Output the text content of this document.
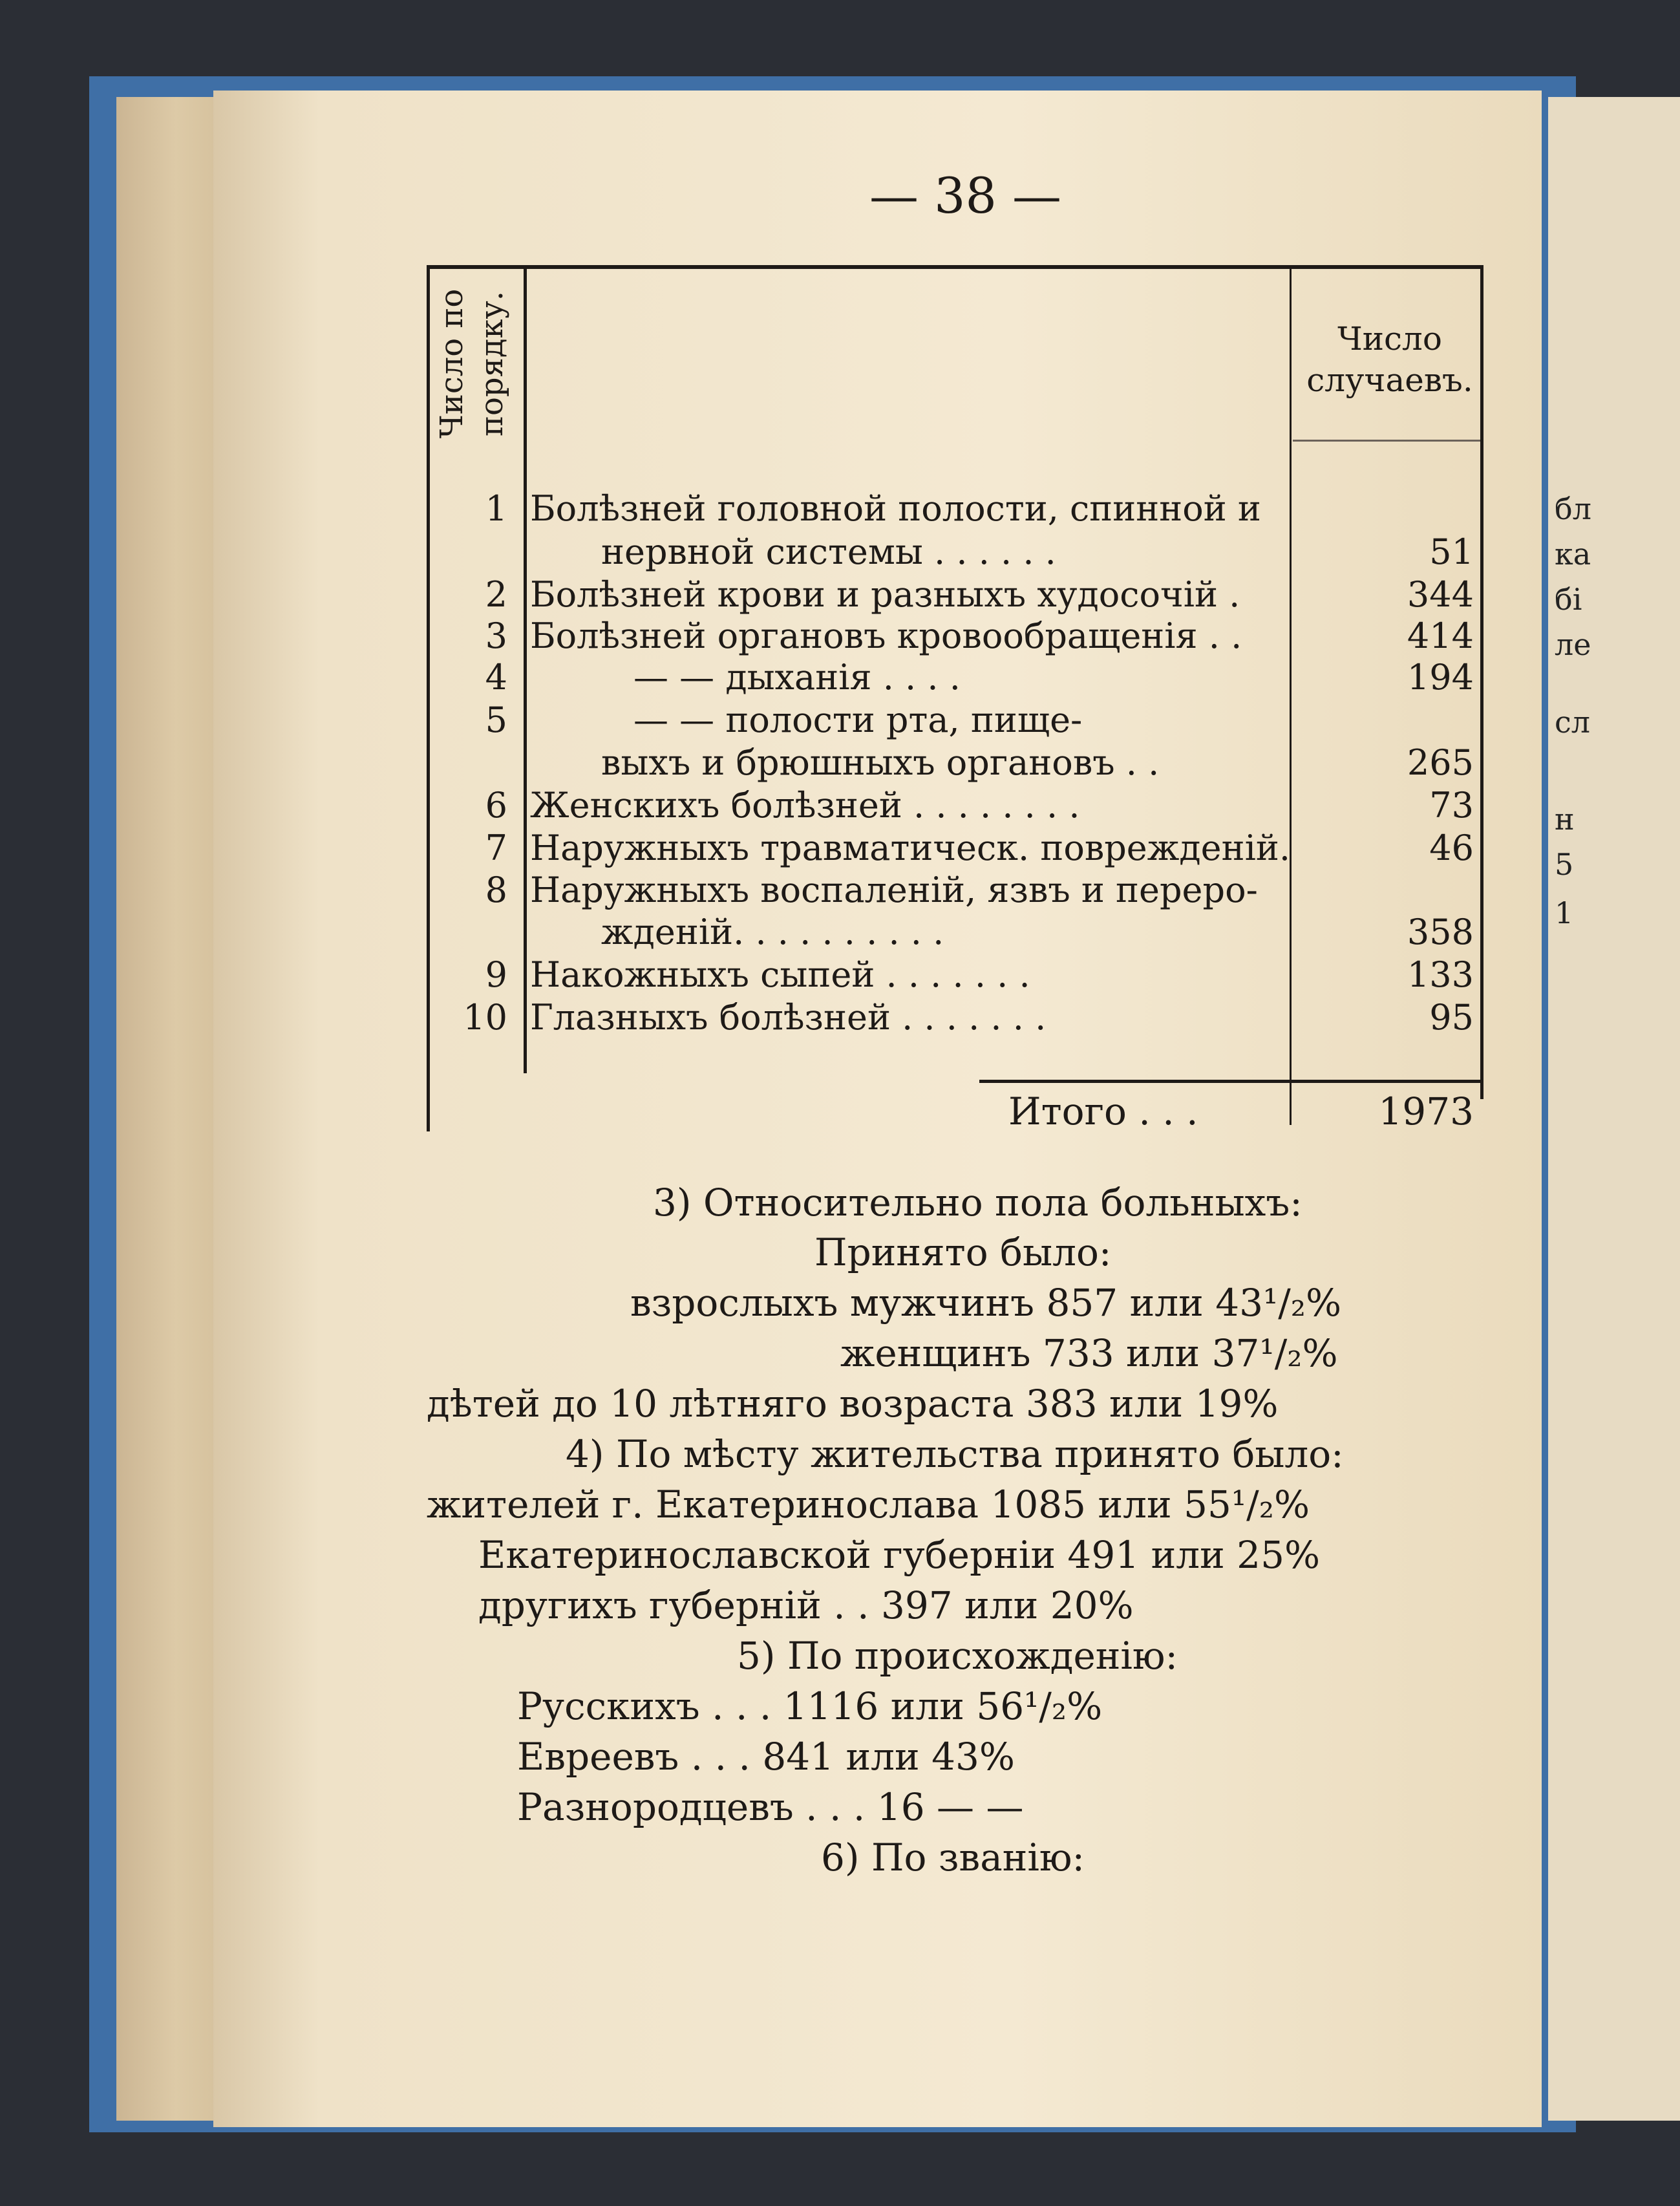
— 38 —
Число по порядку.	Число случаевъ.
1 Болѣзней головной полости, спинной и
нервной системы . . . . . .	51
2 Болѣзней крови и разныхъ худосочій .	344
3 Болѣзней органовъ кровообращенія . .	414
4	— — дыханія . . . .	194
5	— — полости рта, пище-
выхъ и брюшныхъ органовъ . .	265
6 Женскихъ болѣзней . . . . . . . .	73
7 Наружныхъ травматическ. поврежденій.	46
8 Наружныхъ воспаленій, язвъ и переро-
жденій. . . . . . . . . .	358
9 Накожныхъ сыпей . . . . . . .	133
10 Глазныхъ болѣзней . . . . . . .	95
Итого . . .	1973
3) Относительно пола больныхъ:
Принято было:
взрослыхъ мужчинъ 857 или 43¹/₂%
женщинъ 733 или 37¹/₂%
дѣтей до 10 лѣтняго возраста 383 или 19%
4) По мѣсту жительства принято было:
жителей г. Екатеринослава 1085 или 55¹/₂%
Екатеринославской губерніи 491 или 25%
другихъ губерній . . 397 или 20%
5) По происхожденію:
Русскихъ . . . 1116 или 56¹/₂%
Евреевъ . . . 841 или 43%
Разнородцевъ . . . 16 — —
6) По званію:
бл
ка
бі
ле
сл
н
5
1
